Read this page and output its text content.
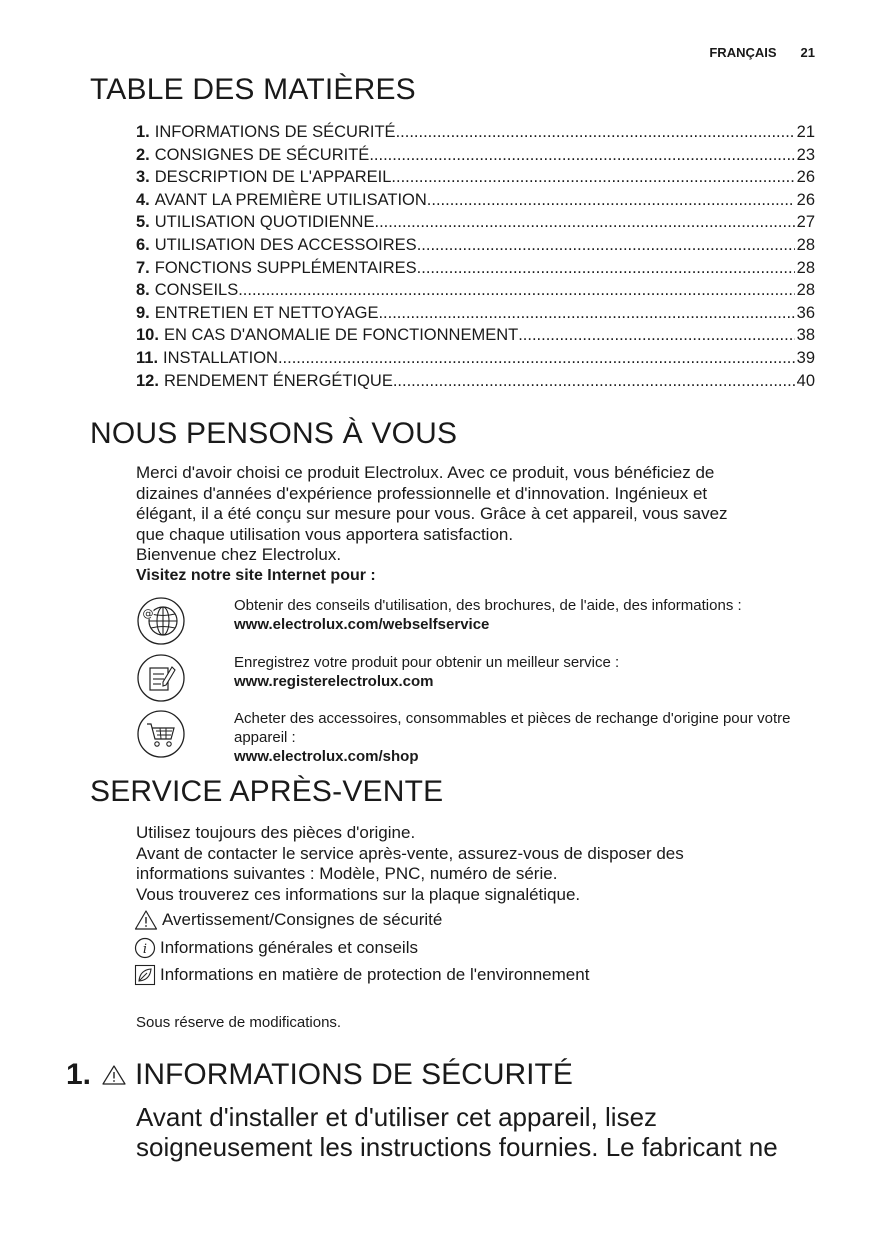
FRANÇAIS 21
TABLE DES MATIÈRES
1. INFORMATIONS DE SÉCURITÉ .....	21
2. CONSIGNES DE SÉCURITÉ .....	23
3. DESCRIPTION DE L'APPAREIL .....	26
4. AVANT LA PREMIÈRE UTILISATION .....	26
5. UTILISATION QUOTIDIENNE .....	27
6. UTILISATION DES ACCESSOIRES .....	28
7. FONCTIONS SUPPLÉMENTAIRES .....	28
8. CONSEILS .....	28
9. ENTRETIEN ET NETTOYAGE .....	36
10. EN CAS D'ANOMALIE DE FONCTIONNEMENT .....	38
11. INSTALLATION .....	39
12. RENDEMENT ÉNERGÉTIQUE .....	40
NOUS PENSONS À VOUS
Merci d'avoir choisi ce produit Electrolux. Avec ce produit, vous bénéficiez de
dizaines d'années d'expérience professionnelle et d'innovation. Ingénieux et
élégant, il a été conçu sur mesure pour vous. Grâce à cet appareil, vous savez
que chaque utilisation vous apportera satisfaction.
Bienvenue chez Electrolux.
Visitez notre site Internet pour :
@	Obtenir des conseils d'utilisation, des brochures, de l'aide, des informations :
www.electrolux.com/webselfservice
Enregistrez votre produit pour obtenir un meilleur service :
www.registerelectrolux.com
Acheter des accessoires, consommables et pièces de rechange d'origine pour votre appareil :
www.electrolux.com/shop
SERVICE APRÈS-VENTE
Utilisez toujours des pièces d'origine.
Avant de contacter le service après-vente, assurez-vous de disposer des
informations suivantes : Modèle, PNC, numéro de série.
Vous trouverez ces informations sur la plaque signalétique.
Avertissement/Consignes de sécurité
i Informations générales et conseils
Informations en matière de protection de l'environnement
Sous réserve de modifications.
1. INFORMATIONS DE SÉCURITÉ
Avant d'installer et d'utiliser cet appareil, lisez
soigneusement les instructions fournies. Le fabricant ne
